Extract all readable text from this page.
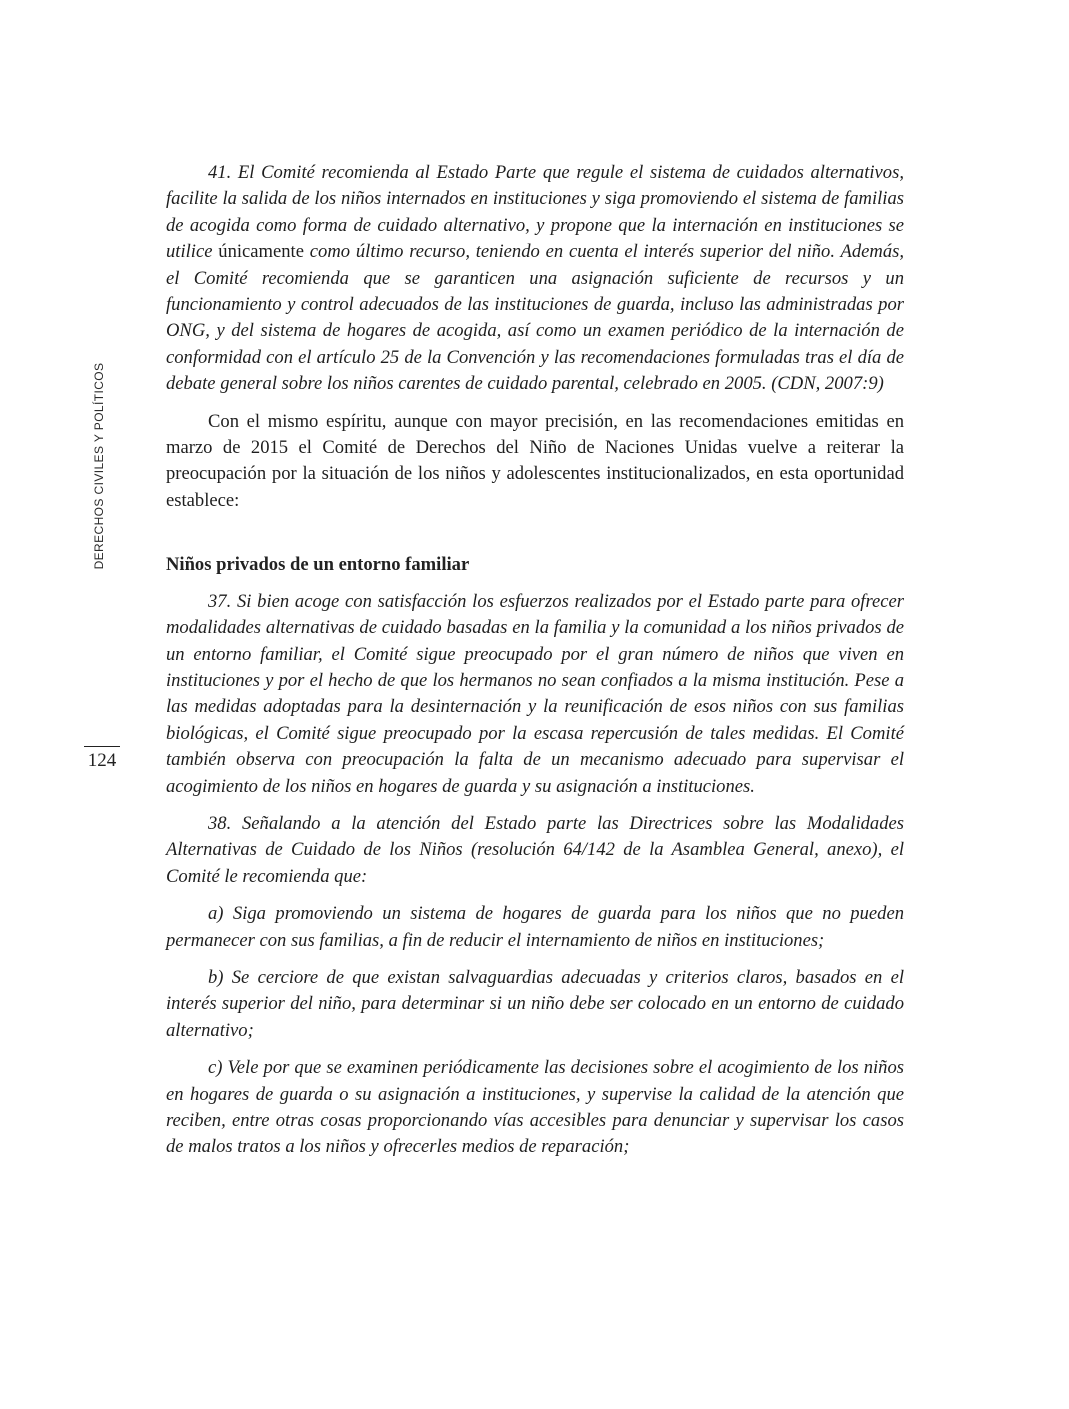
DERECHOS CIVILES Y POLÍTICOS
124

41. El Comité recomienda al Estado Parte que regule el sistema de cuidados alternativos, facilite la salida de los niños internados en instituciones y siga promoviendo el sistema de familias de acogida como forma de cuidado alternativo, y propone que la internación en instituciones se utilice únicamente como último recurso, teniendo en cuenta el interés superior del niño. Además, el Comité recomienda que se garanticen una asignación suficiente de recursos y un funcionamiento y control adecuados de las instituciones de guarda, incluso las administradas por ONG, y del sistema de hogares de acogida, así como un examen periódico de la internación de conformidad con el artículo 25 de la Convención y las recomendaciones formuladas tras el día de debate general sobre los niños carentes de cuidado parental, celebrado en 2005. (CDN, 2007:9)

Con el mismo espíritu, aunque con mayor precisión, en las recomendaciones emitidas en marzo de 2015 el Comité de Derechos del Niño de Naciones Unidas vuelve a reiterar la preocupación por la situación de los niños y adolescentes institucionalizados, en esta oportunidad establece:

Niños privados de un entorno familiar

37. Si bien acoge con satisfacción los esfuerzos realizados por el Estado parte para ofrecer modalidades alternativas de cuidado basadas en la familia y la comunidad a los niños privados de un entorno familiar, el Comité sigue preocupado por el gran número de niños que viven en instituciones y por el hecho de que los hermanos no sean confiados a la misma institución. Pese a las medidas adoptadas para la desinternación y la reunificación de esos niños con sus familias biológicas, el Comité sigue preocupado por la escasa repercusión de tales medidas. El Comité también observa con preocupación la falta de un mecanismo adecuado para supervisar el acogimiento de los niños en hogares de guarda y su asignación a instituciones.

38. Señalando a la atención del Estado parte las Directrices sobre las Modalidades Alternativas de Cuidado de los Niños (resolución 64/142 de la Asamblea General, anexo), el Comité le recomienda que:

a) Siga promoviendo un sistema de hogares de guarda para los niños que no pueden permanecer con sus familias, a fin de reducir el internamiento de niños en instituciones;

b) Se cerciore de que existan salvaguardias adecuadas y criterios claros, basados en el interés superior del niño, para determinar si un niño debe ser colocado en un entorno de cuidado alternativo;

c) Vele por que se examinen periódicamente las decisiones sobre el acogimiento de los niños en hogares de guarda o su asignación a instituciones, y supervise la calidad de la atención que reciben, entre otras cosas proporcionando vías accesibles para denunciar y supervisar los casos de malos tratos a los niños y ofrecerles medios de reparación;
